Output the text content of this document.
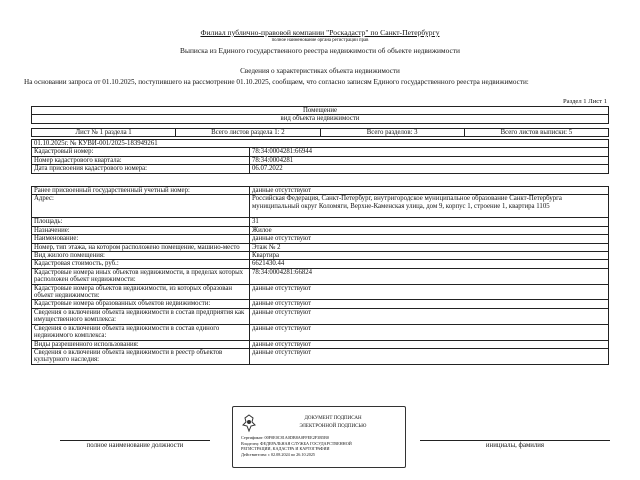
Филиал публично-правовой компании "Роскадастр" по Санкт-Петербургу
полное наименование органа регистрации прав
Выписка из Единого государственного реестра недвижимости об объекте недвижимости
Сведения о характеристиках объекта недвижимости
На основании запроса от 01.10.2025, поступившего на рассмотрение 01.10.2025, сообщаем, что согласно записям Единого государственного реестра недвижимости:
Раздел 1 Лист 1
Помещение
вид объекта недвижимости
Лист № 1 раздела 1	Всего листов раздела 1: 2	Всего разделов: 3	Всего листов выписки: 5
01.10.2025г. № КУВИ-001/2025-183949261	
Кадастровый номер:	78:34:0004281:66944
Номер кадастрового квартала:	78:34:0004281
Дата присвоения кадастрового номера:	06.07.2022
Ранее присвоенный государственный учетный номер:	данные отсутствуют
Адрес:	Российская Федерация, Санкт-Петербург, внутригородское муниципальное образование Санкт-Петербурга муниципальный округ Коломяги, Верхне-Каменская улица, дом 9, корпус 1, строение 1, квартира 1105
Площадь:	31
Назначение:	Жилое
Наименование:	данные отсутствуют
Номер, тип этажа, на котором расположено помещение, машино-место	Этаж № 2
Вид жилого помещения:	Квартира
Кадастровая стоимость, руб.:	6621430.44
Кадастровые номера иных объектов недвижимости, в пределах которых расположен объект недвижимости:	78:34:0004281:66824
Кадастровые номера объектов недвижимости, из которых образован объект недвижимости:	данные отсутствуют
Кадастровые номера образованных объектов недвижимости:	данные отсутствуют
Сведения о включении объекта недвижимости в состав предприятия как имущественного комплекса:	данные отсутствуют
Сведения о включении объекта недвижимости в состав единого недвижимого комплекса:	данные отсутствуют
Виды разрешенного использования:	данные отсутствуют
Сведения о включении объекта недвижимости в реестр объектов культурного наследия:	данные отсутствуют
полное наименование должности	инициалы, фамилия
ДОКУМЕНТ ПОДПИСАН
ЭЛЕКТРОННОЙ ПОДПИСЬЮ
Сертификат: 00F0E0C81A0DB8A0FFEE2F3B5B0
Владелец: ФЕДЕРАЛЬНАЯ СЛУЖБА ГОСУДАРСТВЕННОЙ
РЕГИСТРАЦИИ, КАДАСТРА И КАРТОГРАФИИ
Действителен: с 02.08.2024 по 26.10.2025
